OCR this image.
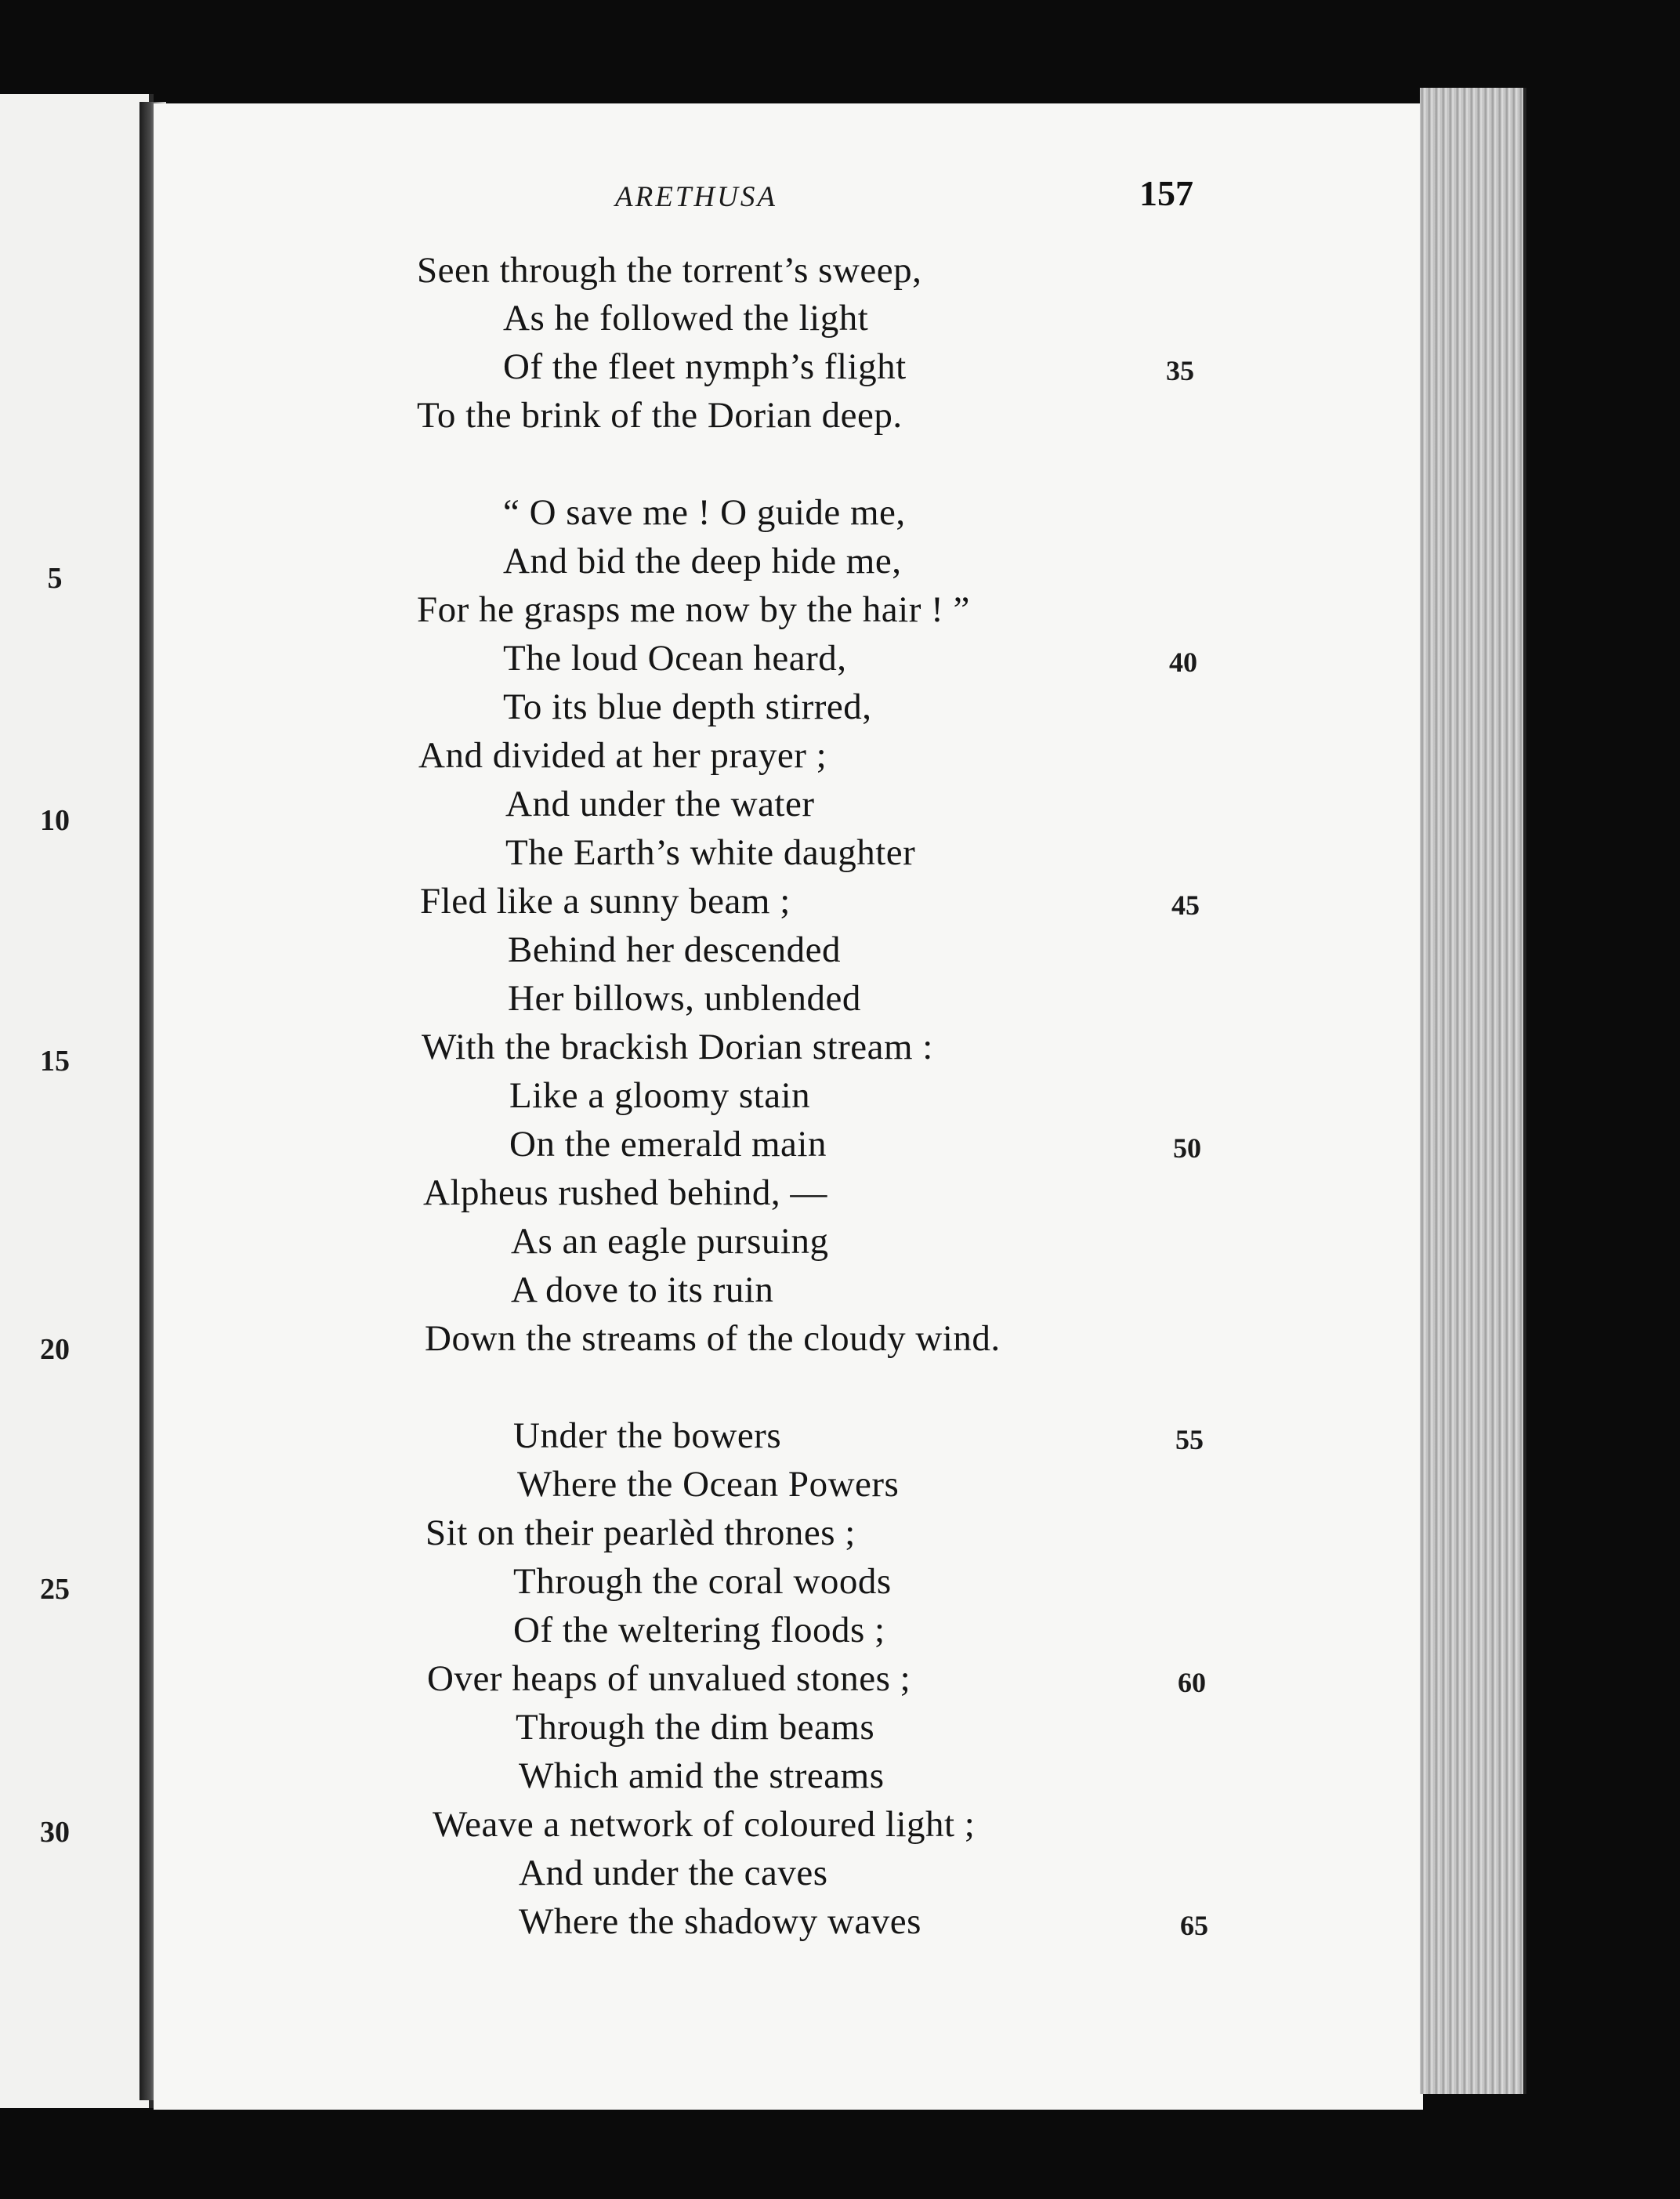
5
10
15
20
25
30
ARETHUSA	157
Seen through the torrent’s sweep,
As he followed the light
Of the fleet nymph’s flight
To the brink of the Dorian deep.
“ O save me ! O guide me,
And bid the deep hide me,
For he grasps me now by the hair ! ”
The loud Ocean heard,
To its blue depth stirred,
And divided at her prayer ;
And under the water
The Earth’s white daughter
Fled like a sunny beam ;
Behind her descended
Her billows, unblended
With the brackish Dorian stream :
Like a gloomy stain
On the emerald main
Alpheus rushed behind, —
As an eagle pursuing
A dove to its ruin
Down the streams of the cloudy wind.
Under the bowers
Where the Ocean Powers
Sit on their pearlèd thrones ;
Through the coral woods
Of the weltering floods ;
Over heaps of unvalued stones ;
Through the dim beams
Which amid the streams
Weave a network of coloured light ;
And under the caves
Where the shadowy waves
35
40
45
50
55
60
65
